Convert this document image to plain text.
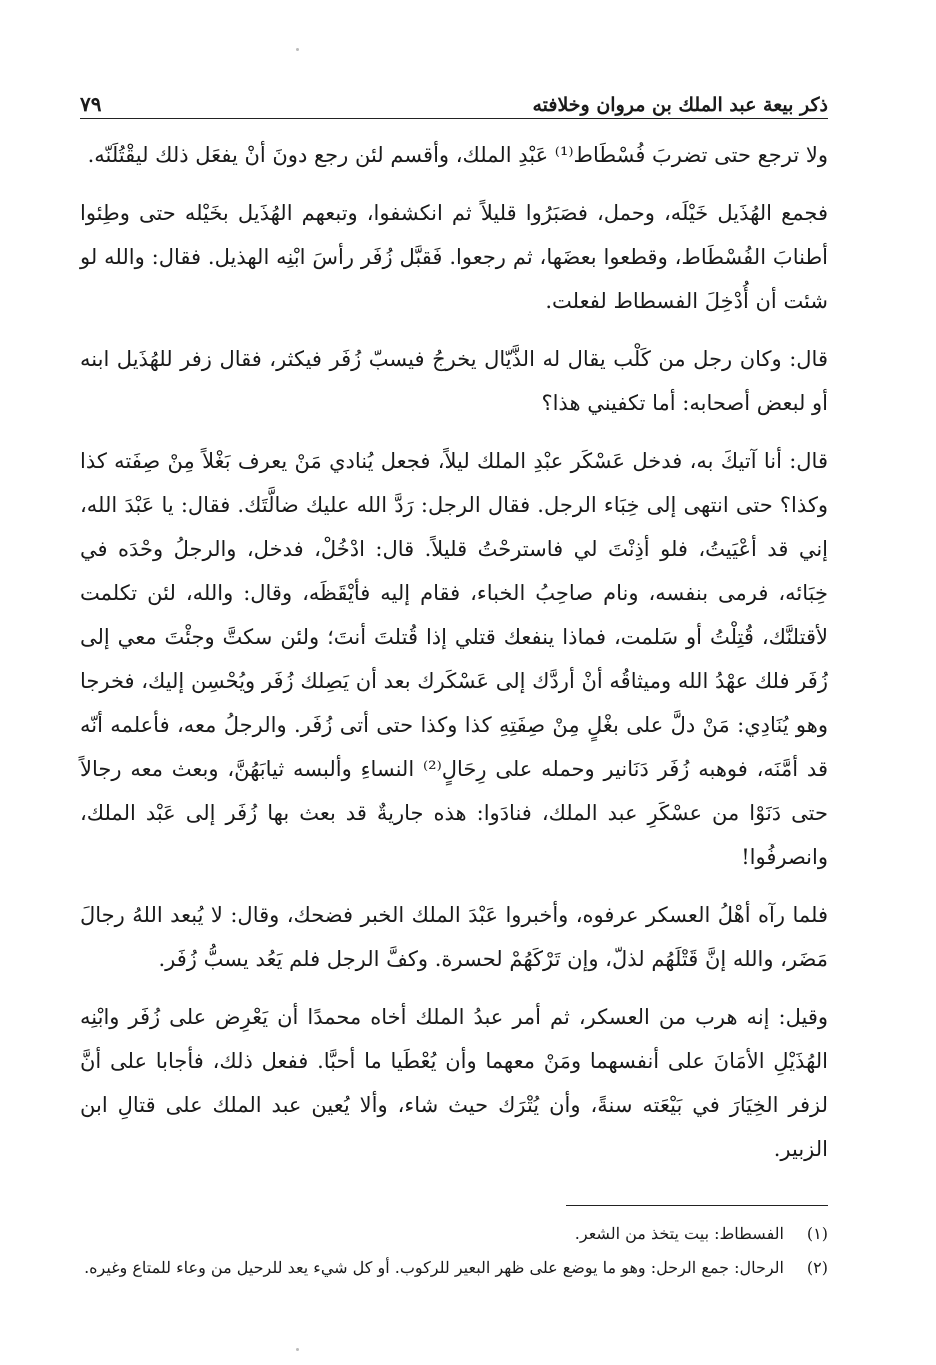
ذكر بيعة عبد الملك بن مروان وخلافته
٧٩

ولا ترجع حتى تضربَ فُسْطَاط⁽¹⁾ عَبْدِ الملك، وأقسم لئن رجع دونَ أنْ يفعَل ذلك ليقْتُلَنّه.

فجمع الهُذَيل خَيْلَه، وحمل، فصَبَرُوا قليلاً ثم انكشفوا، وتبعهم الهُذَيل بخَيْله حتى وطِئوا أطنابَ الفُسْطَاط، وقطعوا بعضَها، ثم رجعوا. فَقبَّل زُفَر رأسَ ابْنِه الهذيل. فقال: والله لو شئت أن أُدْخِلَ الفسطاط لفعلت.

قال: وكان رجل من كَلْب يقال له الذَّيّال يخرجُ فيسبّ زُفَر فيكثر، فقال زفر للهُذَيل ابنه أو لبعض أصحابه: أما تكفيني هذا؟

قال: أنا آتيكَ به، فدخل عَسْكَر عبْدِ الملك ليلاً، فجعل يُنادي مَنْ يعرف بَغْلاً مِنْ صِفَته كذا وكذا؟ حتى انتهى إلى خِبَاء الرجل. فقال الرجل: رَدَّ الله عليك ضالَّتَك. فقال: يا عَبْدَ الله، إني قد أعْيَيتُ، فلو أذِنْتَ لي فاسترحْتُ قليلاً. قال: ادْخُلْ، فدخل، والرجلُ وحْدَه في خِبَائه، فرمى بنفسه، ونام صاحِبُ الخباء، فقام إليه فأيْقَظَه، وقال: والله، لئن تكلمت لأقتلنَّك، قُتِلْتُ أو سَلمت، فماذا ينفعك قتلي إذا قُتلتَ أنتَ؛ ولئن سكتَّ وجئْتَ معي إلى زُفَر فلك عهْدُ الله وميثاقُه أنْ أردَّك إلى عَسْكَرك بعد أن يَصِلك زُفَر ويُحْسِن إليك، فخرجا وهو يُنَادِي: مَنْ دلَّ على بغْلٍ مِنْ صِفَتِهِ كذا وكذا حتى أتى زُفَر. والرجلُ معه، فأعلمه أنّه قد أمَّنَه، فوهبه زُفَر دَنَانير وحمله على رِحَالٍ⁽²⁾ النساءِ وألبسه ثيابَهُنَّ، وبعث معه رجالاً حتى دَنَوْا من عسْكَرِ عبد الملك، فنادَوا: هذه جاريةٌ قد بعث بها زُفَر إلى عَبْد الملك، وانصرفُوا!

فلما رآه أهْلُ العسكر عرفوه، وأخبروا عَبْدَ الملك الخبر فضحك، وقال: لا يُبعد اللهُ رجالَ مَضَر، والله إنَّ قَتْلَهُم لذلّ، وإن تَرْكَهُمْ لحسرة. وكفَّ الرجل فلم يَعُد يسبُّ زُفَر.

وقيل: إنه هرب من العسكر، ثم أمر عبدُ الملك أخاه محمدًا أن يَعْرِض على زُفَر وابْنِه الهُذَيْلِ الأمَانَ على أنفسهما ومَنْ معهما وأن يُعْطَيا ما أحبَّا. ففعل ذلك، فأجابا على أنَّ لزفر الخِيَارَ في بَيْعَته سنةً، وأن يُتْرَك حيث شاء، وألا يُعين عبد الملك على قتالِ ابن الزبير.

(١)
الفسطاط: بيت يتخذ من الشعر.
(٢)
الرحال: جمع الرحل: وهو ما يوضع على ظهر البعير للركوب. أو كل شيء يعد للرحيل من وعاء للمتاع وغيره.
